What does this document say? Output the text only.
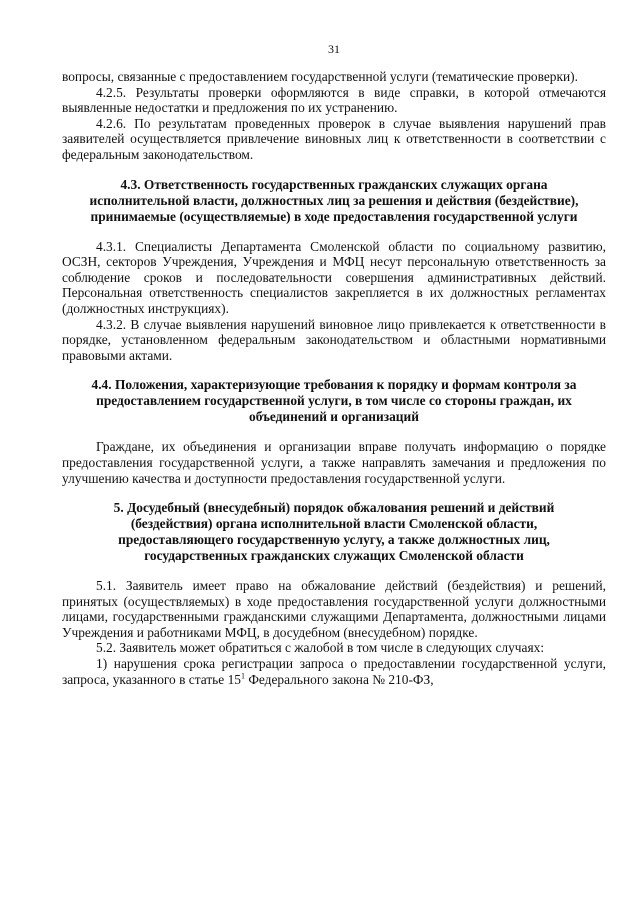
31

вопросы, связанные с предоставлением государственной услуги (тематические проверки).

4.2.5. Результаты проверки оформляются в виде справки, в которой отмечаются выявленные недостатки и предложения по их устранению.

4.2.6. По результатам проведенных проверок в случае выявления нарушений прав заявителей осуществляется привлечение виновных лиц к ответственности в соответствии с федеральным законодательством.

4.3. Ответственность государственных гражданских служащих органа исполнительной власти, должностных лиц за решения и действия (бездействие), принимаемые (осуществляемые) в ходе предоставления государственной услуги

4.3.1. Специалисты Департамента Смоленской области по социальному развитию, ОСЗН, секторов Учреждения, Учреждения и МФЦ несут персональную ответственность за соблюдение сроков и последовательности совершения административных действий. Персональная ответственность специалистов закрепляется в их должностных регламентах (должностных инструкциях).

4.3.2. В случае выявления нарушений виновное лицо привлекается к ответственности в порядке, установленном федеральным законодательством и областными нормативными правовыми актами.

4.4. Положения, характеризующие требования к порядку и формам контроля за предоставлением государственной услуги, в том числе со стороны граждан, их объединений и организаций

Граждане, их объединения и организации вправе получать информацию о порядке предоставления государственной услуги, а также направлять замечания и предложения по улучшению качества и доступности предоставления государственной услуги.

5. Досудебный (внесудебный) порядок обжалования решений и действий (бездействия) органа исполнительной власти Смоленской области, предоставляющего государственную услугу, а также должностных лиц, государственных гражданских служащих Смоленской области

5.1. Заявитель имеет право на обжалование действий (бездействия) и решений, принятых (осуществляемых) в ходе предоставления государственной услуги должностными лицами, государственными гражданскими служащими Департамента, должностными лицами Учреждения и работниками МФЦ, в досудебном (внесудебном) порядке.

5.2. Заявитель может обратиться с жалобой в том числе в следующих случаях:

1) нарушения срока регистрации запроса о предоставлении государственной услуги, запроса, указанного в статье $15^1$ Федерального закона № 210-ФЗ,
